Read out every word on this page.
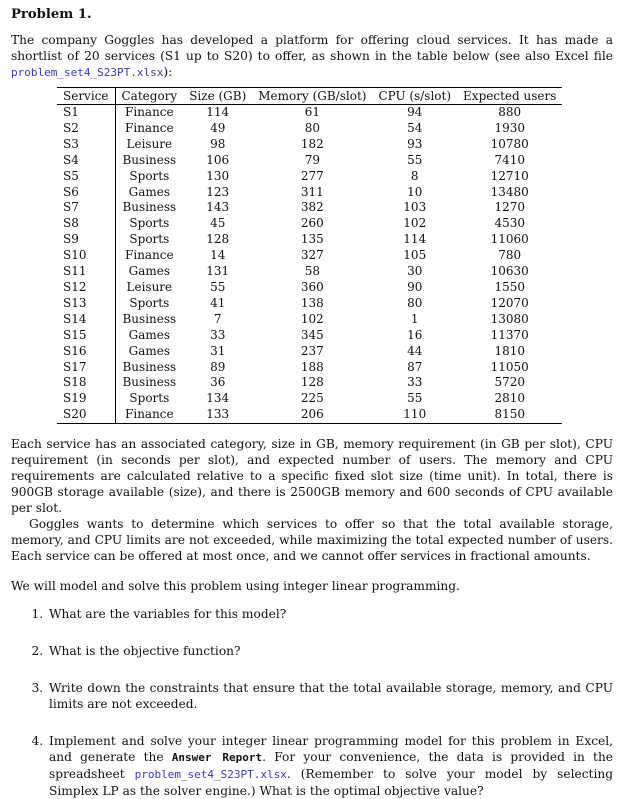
Problem 1.

The company Goggles has developed a platform for offering cloud services. It has made a shortlist of 20 services (S1 up to S20) to offer, as shown in the table below (see also Excel file problem_set4_S23PT.xlsx):

Service	Category	Size (GB)	Memory (GB/slot)	CPU (s/slot)	Expected users
S1	Finance	114	61	94	880
S2	Finance	49	80	54	1930
S3	Leisure	98	182	93	10780
S4	Business	106	79	55	7410
S5	Sports	130	277	8	12710
S6	Games	123	311	10	13480
S7	Business	143	382	103	1270
S8	Sports	45	260	102	4530
S9	Sports	128	135	114	11060
S10	Finance	14	327	105	780
S11	Games	131	58	30	10630
S12	Leisure	55	360	90	1550
S13	Sports	41	138	80	12070
S14	Business	7	102	1	13080
S15	Games	33	345	16	11370
S16	Games	31	237	44	1810
S17	Business	89	188	87	11050
S18	Business	36	128	33	5720
S19	Sports	134	225	55	2810
S20	Finance	133	206	110	8150

Each service has an associated category, size in GB, memory requirement (in GB per slot), CPU requirement (in seconds per slot), and expected number of users. The memory and CPU requirements are calculated relative to a specific fixed slot size (time unit). In total, there is 900GB storage available (size), and there is 2500GB memory and 600 seconds of CPU available per slot.

Goggles wants to determine which services to offer so that the total available storage, memory, and CPU limits are not exceeded, while maximizing the total expected number of users. Each service can be offered at most once, and we cannot offer services in fractional amounts.

We will model and solve this problem using integer linear programming.

1. What are the variables for this model?
2. What is the objective function?
3. Write down the constraints that ensure that the total available storage, memory, and CPU limits are not exceeded.
4. Implement and solve your integer linear programming model for this problem in Excel, and generate the Answer Report. For your convenience, the data is provided in the spreadsheet problem_set4_S23PT.xlsx. (Remember to solve your model by selecting Simplex LP as the solver engine.) What is the optimal objective value?
